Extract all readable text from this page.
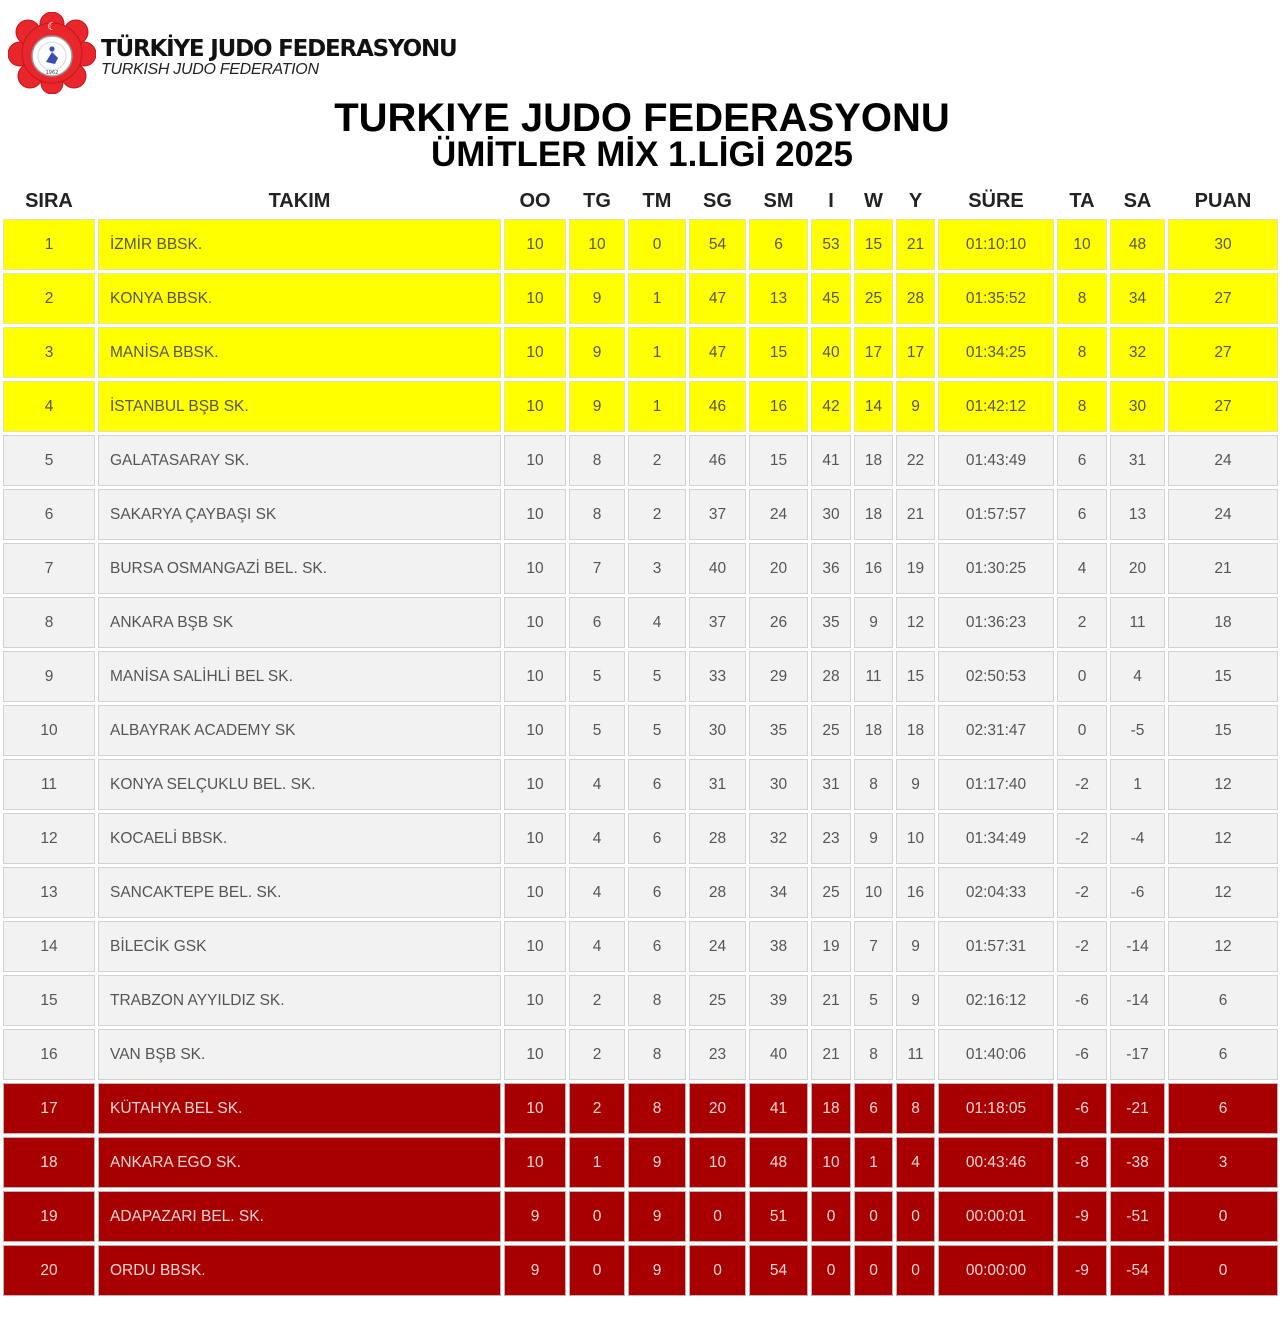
☾
1962
TÜRKİYE JUDO FEDERASYONU
TURKISH JUDO FEDERATION
TURKIYE JUDO FEDERASYONU
ÜMİTLER MİX 1.LİGİ 2025
SIRA	TAKIM	OO	TG	TM	SG	SM	I	W	Y	SÜRE	TA	SA	PUAN
1	İZMİR BBSK.	10	10	0	54	6	53	15	21	01:10:10	10	48	30
2	KONYA BBSK.	10	9	1	47	13	45	25	28	01:35:52	8	34	27
3	MANİSA BBSK.	10	9	1	47	15	40	17	17	01:34:25	8	32	27
4	İSTANBUL BŞB SK.	10	9	1	46	16	42	14	9	01:42:12	8	30	27
5	GALATASARAY SK.	10	8	2	46	15	41	18	22	01:43:49	6	31	24
6	SAKARYA ÇAYBAŞI SK	10	8	2	37	24	30	18	21	01:57:57	6	13	24
7	BURSA OSMANGAZİ BEL. SK.	10	7	3	40	20	36	16	19	01:30:25	4	20	21
8	ANKARA BŞB SK	10	6	4	37	26	35	9	12	01:36:23	2	11	18
9	MANİSA SALİHLİ BEL SK.	10	5	5	33	29	28	11	15	02:50:53	0	4	15
10	ALBAYRAK ACADEMY SK	10	5	5	30	35	25	18	18	02:31:47	0	-5	15
11	KONYA SELÇUKLU BEL. SK.	10	4	6	31	30	31	8	9	01:17:40	-2	1	12
12	KOCAELİ BBSK.	10	4	6	28	32	23	9	10	01:34:49	-2	-4	12
13	SANCAKTEPE BEL. SK.	10	4	6	28	34	25	10	16	02:04:33	-2	-6	12
14	BİLECİK GSK	10	4	6	24	38	19	7	9	01:57:31	-2	-14	12
15	TRABZON AYYILDIZ SK.	10	2	8	25	39	21	5	9	02:16:12	-6	-14	6
16	VAN BŞB SK.	10	2	8	23	40	21	8	11	01:40:06	-6	-17	6
17	KÜTAHYA BEL SK.	10	2	8	20	41	18	6	8	01:18:05	-6	-21	6
18	ANKARA EGO SK.	10	1	9	10	48	10	1	4	00:43:46	-8	-38	3
19	ADAPAZARI BEL. SK.	9	0	9	0	51	0	0	0	00:00:01	-9	-51	0
20	ORDU BBSK.	9	0	9	0	54	0	0	0	00:00:00	-9	-54	0
